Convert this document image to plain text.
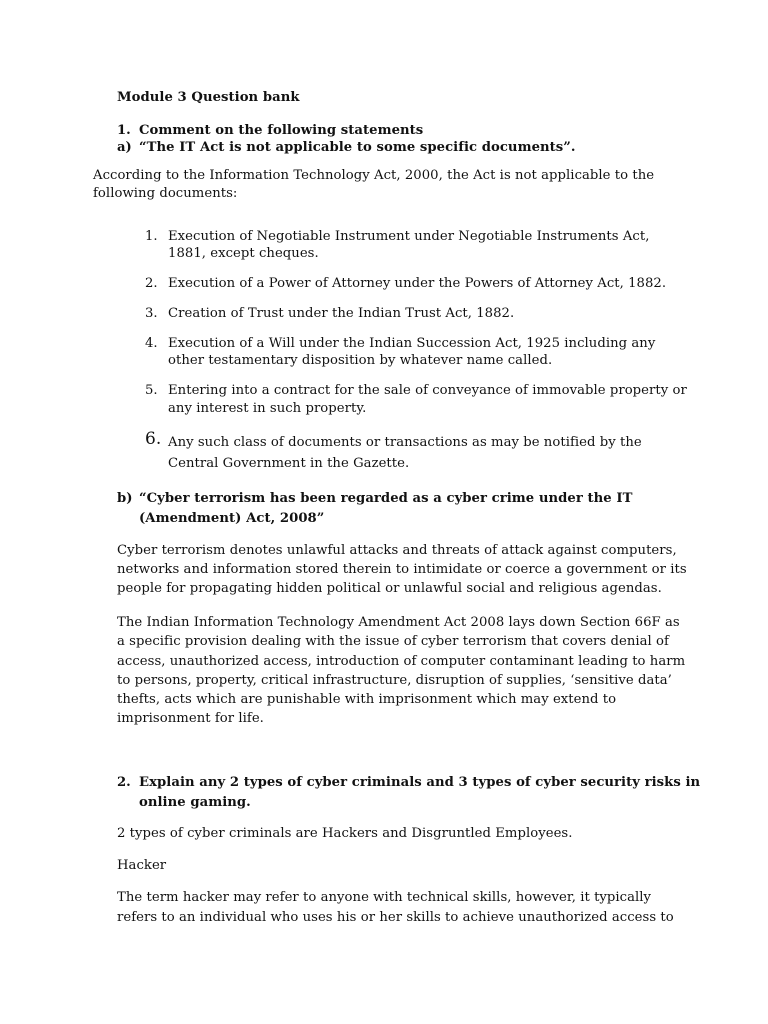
Module 3 Question bank
1. Comment on the following statements
a) “The IT Act is not applicable to some specific documents”.
According to the Information Technology Act, 2000, the Act is not applicable to the
following documents:
1. Execution of Negotiable Instrument under Negotiable Instruments Act,
1881, except cheques.
2. Execution of a Power of Attorney under the Powers of Attorney Act, 1882.
3. Creation of Trust under the Indian Trust Act, 1882.
4. Execution of a Will under the Indian Succession Act, 1925 including any
other testamentary disposition by whatever name called.
5. Entering into a contract for the sale of conveyance of immovable property or
any interest in such property.
6. Any such class of documents or transactions as may be notified by the
Central Government in the Gazette.
b) “Cyber terrorism has been regarded as a cyber crime under the IT
(Amendment) Act, 2008”
Cyber terrorism denotes unlawful attacks and threats of attack against computers,
networks and information stored therein to intimidate or coerce a government or its
people for propagating hidden political or unlawful social and religious agendas.
The Indian Information Technology Amendment Act 2008 lays down Section 66F as
a specific provision dealing with the issue of cyber terrorism that covers denial of
access, unauthorized access, introduction of computer contaminant leading to harm
to persons, property, critical infrastructure, disruption of supplies, ‘sensitive data’
thefts, acts which are punishable with imprisonment which may extend to
imprisonment for life.
2. Explain any 2 types of cyber criminals and 3 types of cyber security risks in
online gaming.
2 types of cyber criminals are Hackers and Disgruntled Employees.
Hacker
The term hacker may refer to anyone with technical skills, however, it typically
refers to an individual who uses his or her skills to achieve unauthorized access to
